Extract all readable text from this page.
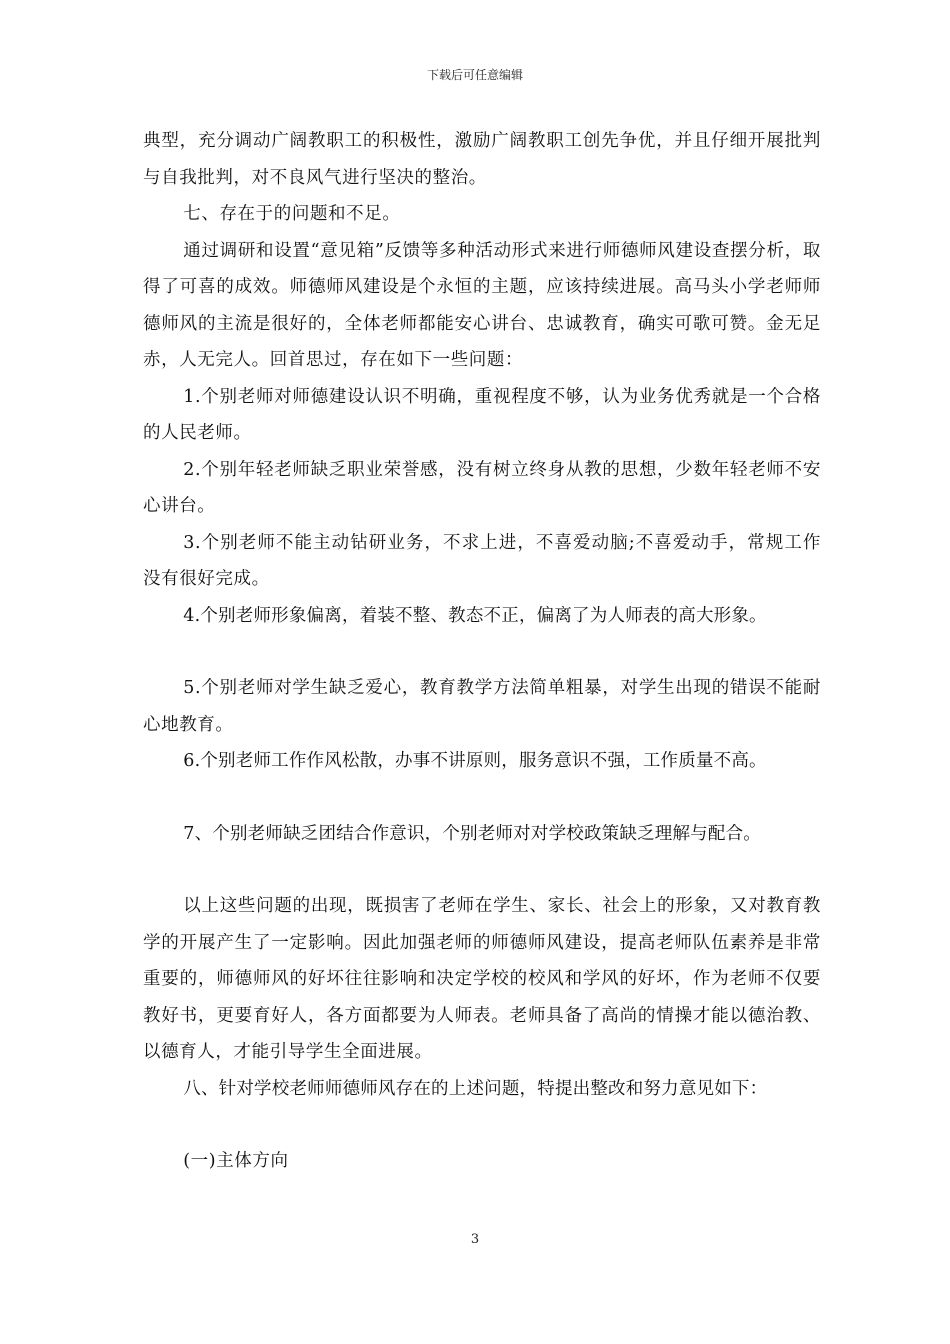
下载后可任意编辑

典型，充分调动广阔教职工的积极性，激励广阔教职工创先争优，并且仔细开展批判与自我批判，对不良风气进行坚决的整治。

七、存在于的问题和不足。

通过调研和设置“意见箱”反馈等多种活动形式来进行师德师风建设查摆分析，取得了可喜的成效。师德师风建设是个永恒的主题，应该持续进展。高马头小学老师师德师风的主流是很好的，全体老师都能安心讲台、忠诚教育，确实可歌可赞。金无足赤，人无完人。回首思过，存在如下一些问题：

1.个别老师对师德建设认识不明确，重视程度不够，认为业务优秀就是一个合格的人民老师。

2.个别年轻老师缺乏职业荣誉感，没有树立终身从教的思想，少数年轻老师不安心讲台。

3.个别老师不能主动钻研业务，不求上进，不喜爱动脑;不喜爱动手，常规工作没有很好完成。

4.个别老师形象偏离，着装不整、教态不正，偏离了为人师表的高大形象。

5.个别老师对学生缺乏爱心，教育教学方法简单粗暴，对学生出现的错误不能耐心地教育。

6.个别老师工作作风松散，办事不讲原则，服务意识不强，工作质量不高。

7、个别老师缺乏团结合作意识，个别老师对对学校政策缺乏理解与配合。

以上这些问题的出现，既损害了老师在学生、家长、社会上的形象，又对教育教学的开展产生了一定影响。因此加强老师的师德师风建设，提高老师队伍素养是非常重要的，师德师风的好坏往往影响和决定学校的校风和学风的好坏，作为老师不仅要教好书，更要育好人，各方面都要为人师表。老师具备了高尚的情操才能以德治教、以德育人，才能引导学生全面进展。

八、针对学校老师师德师风存在的上述问题，特提出整改和努力意见如下：

(一)主体方向

3
